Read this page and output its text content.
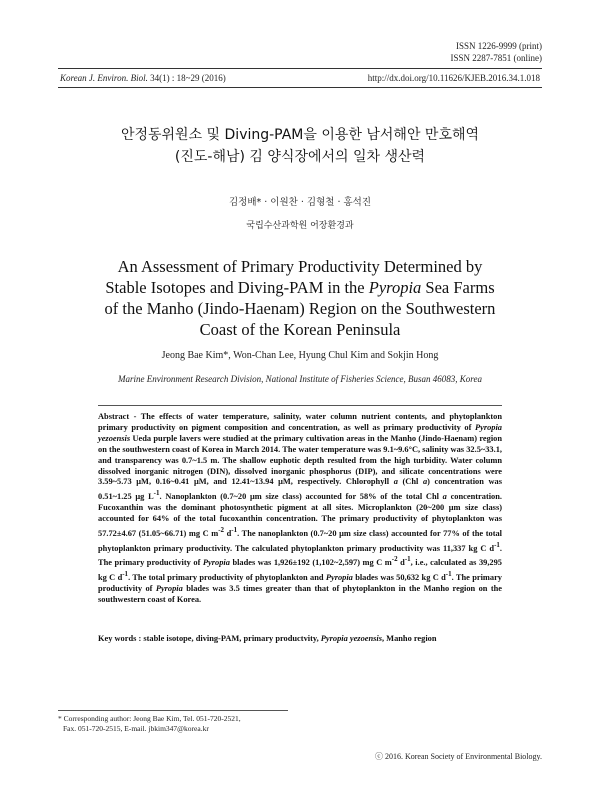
ISSN 1226-9999 (print)
ISSN 2287-7851 (online)
Korean J. Environ. Biol. 34(1) : 18~29 (2016)	http://dx.doi.org/10.11626/KJEB.2016.34.1.018
안정동위원소 및 Diving-PAM을 이용한 남서해안 만호해역
(진도-해남) 김 양식장에서의 일차 생산력
김정배* · 이원찬 · 김형철 · 홍석진
국립수산과학원 어장환경과
An Assessment of Primary Productivity Determined by
Stable Isotopes and Diving-PAM in the Pyropia Sea Farms
of the Manho (Jindo-Haenam) Region on the Southwestern
Coast of the Korean Peninsula
Jeong Bae Kim*, Won-Chan Lee, Hyung Chul Kim and Sokjin Hong
Marine Environment Research Division, National Institute of Fisheries Science, Busan 46083, Korea
Abstract - The effects of water temperature, salinity, water column nutrient contents, and phytoplankton primary productivity on pigment composition and concentration, as well as primary productivity of Pyropia yezoensis Ueda purple lavers were studied at the primary cultivation areas in the Manho (Jindo-Haenam) region on the southwestern coast of Korea in March 2014. The water temperature was 9.1~9.6°C, salinity was 32.5~33.1, and transparency was 0.7~1.5 m. The shallow euphotic depth resulted from the high turbidity. Water column dissolved inorganic nitrogen (DIN), dissolved inorganic phosphorus (DIP), and silicate concentrations were 3.59~5.73 μM, 0.16~0.41 μM, and 12.41~13.94 μM, respectively. Chlorophyll a (Chl a) concentration was 0.51~1.25 μg $L^{-1}$. Nanoplankton (0.7~20 μm size class) accounted for 58% of the total Chl a concentration. Fucoxanthin was the dominant photosynthetic pigment at all sites. Microplankton (20~200 μm size class) accounted for 64% of the total fucoxanthin concentration. The primary productivity of phytoplankton was 57.72±4.67 (51.05~66.71) mg C $m^{-2}$ $d^{-1}$. The nanoplankton (0.7~20 μm size class) accounted for 77% of the total phytoplankton primary productivity. The calculated phytoplankton primary productivity was 11,337 kg C $d^{-1}$. The primary productivity of Pyropia blades was 1,926±192 (1,102~2,597) mg C $m^{-2}$ $d^{-1}$, i.e., calculated as 39,295 kg C $d^{-1}$. The total primary productivity of phytoplankton and Pyropia blades was 50,632 kg C $d^{-1}$. The primary productivity of Pyropia blades was 3.5 times greater than that of phytoplankton in the Manho region on the southwestern coast of Korea.
Key words : stable isotope, diving-PAM, primary productvity, Pyropia yezoensis, Manho region
* Corresponding author: Jeong Bae Kim, Tel. 051-720-2521,
Fax. 051-720-2515, E-mail. jbkim347@korea.kr
ⓒ 2016. Korean Society of Environmental Biology.
